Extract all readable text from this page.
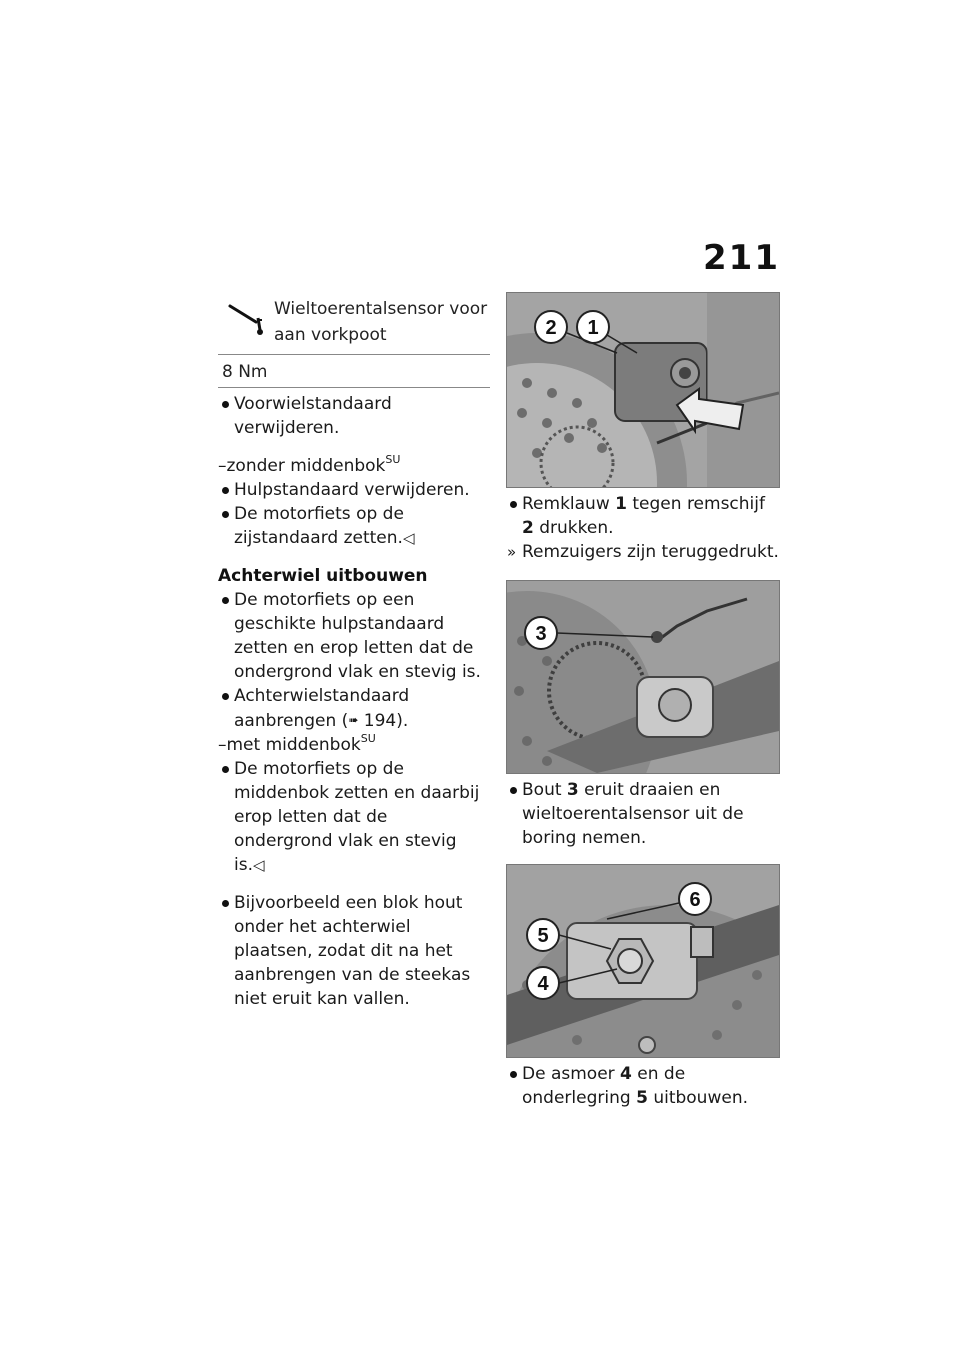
211
Wieltoerentalsensor voor aan vorkpoot
8 Nm
Voorwielstandaard verwijderen.
–zonder middenbok$^{SU}$
Hulpstandaard verwijderen.
De motorfiets op de zijstandaard zetten.◁
Achterwiel uitbouwen
De motorfiets op een geschikte hulpstandaard zetten en erop letten dat de ondergrond vlak en stevig is.
Achterwielstandaard aanbrengen (➠ 194).
–met middenbok$^{SU}$
De motorfiets op de middenbok zetten en daarbij erop letten dat de ondergrond vlak en stevig is.◁
Bijvoorbeeld een blok hout onder het achterwiel plaatsen, zodat dit na het aanbrengen van de steekas niet eruit kan vallen.
2 1
Remklauw 1 tegen remschijf 2 drukken.
» Remzuigers zijn teruggedrukt.
3
Bout 3 eruit draaien en wieltoerentalsensor uit de boring nemen.
6
5
4
De asmoer 4 en de onderlegring 5 uitbouwen.
